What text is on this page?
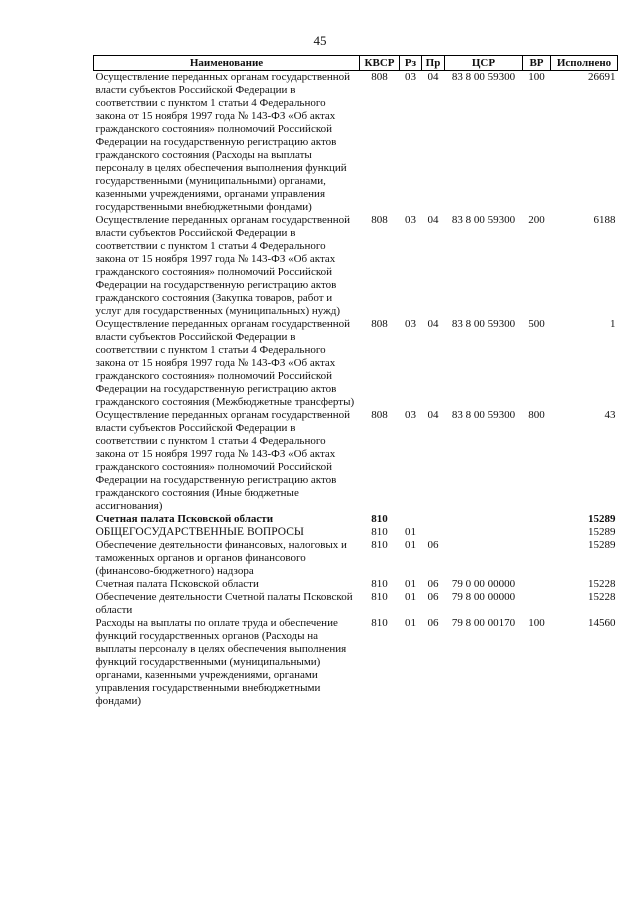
45
Наименование	КВСР	Рз	Пр	ЦСР	ВР	Исполнено
Осуществление переданных органам государственной власти субъектов Российской Федерации в соответствии с пунктом 1 статьи 4 Федерального закона от 15 ноября 1997 года № 143-ФЗ «Об актах гражданского состояния» полномочий Российской Федерации на государственную регистрацию актов гражданского состояния (Расходы на выплаты персоналу в целях обеспечения выполнения функций государственными (муниципальными) органами, казенными учреждениями, органами управления государственными внебюджетными фондами)	808	03	04	83 8 00 59300	100	26691
Осуществление переданных органам государственной власти субъектов Российской Федерации в соответствии с пунктом 1 статьи 4 Федерального закона от 15 ноября 1997 года № 143-ФЗ «Об актах гражданского состояния» полномочий Российской Федерации на государственную регистрацию актов гражданского состояния (Закупка товаров, работ и услуг для государственных (муниципальных) нужд)	808	03	04	83 8 00 59300	200	6188
Осуществление переданных органам государственной власти субъектов Российской Федерации в соответствии с пунктом 1 статьи 4 Федерального закона от 15 ноября 1997 года № 143-ФЗ «Об актах гражданского состояния» полномочий Российской Федерации на государственную регистрацию актов гражданского состояния (Межбюджетные трансферты)	808	03	04	83 8 00 59300	500	1
Осуществление переданных органам государственной власти субъектов Российской Федерации в соответствии с пунктом 1 статьи 4 Федерального закона от 15 ноября 1997 года № 143-ФЗ «Об актах гражданского состояния» полномочий Российской Федерации на государственную регистрацию актов гражданского состояния (Иные бюджетные ассигнования)	808	03	04	83 8 00 59300	800	43
Счетная палата Псковской области	810					15289
ОБЩЕГОСУДАРСТВЕННЫЕ ВОПРОСЫ	810	01				15289
Обеспечение деятельности финансовых, налоговых и таможенных органов и органов финансового (финансово-бюджетного) надзора	810	01	06			15289
Счетная палата Псковской области	810	01	06	79 0 00 00000		15228
Обеспечение деятельности Счетной палаты Псковской области	810	01	06	79 8 00 00000		15228
Расходы на выплаты по оплате труда и обеспечение функций государственных органов (Расходы на выплаты персоналу в целях обеспечения выполнения функций государственными (муниципальными) органами, казенными учреждениями, органами управления государственными внебюджетными фондами)	810	01	06	79 8 00 00170	100	14560
